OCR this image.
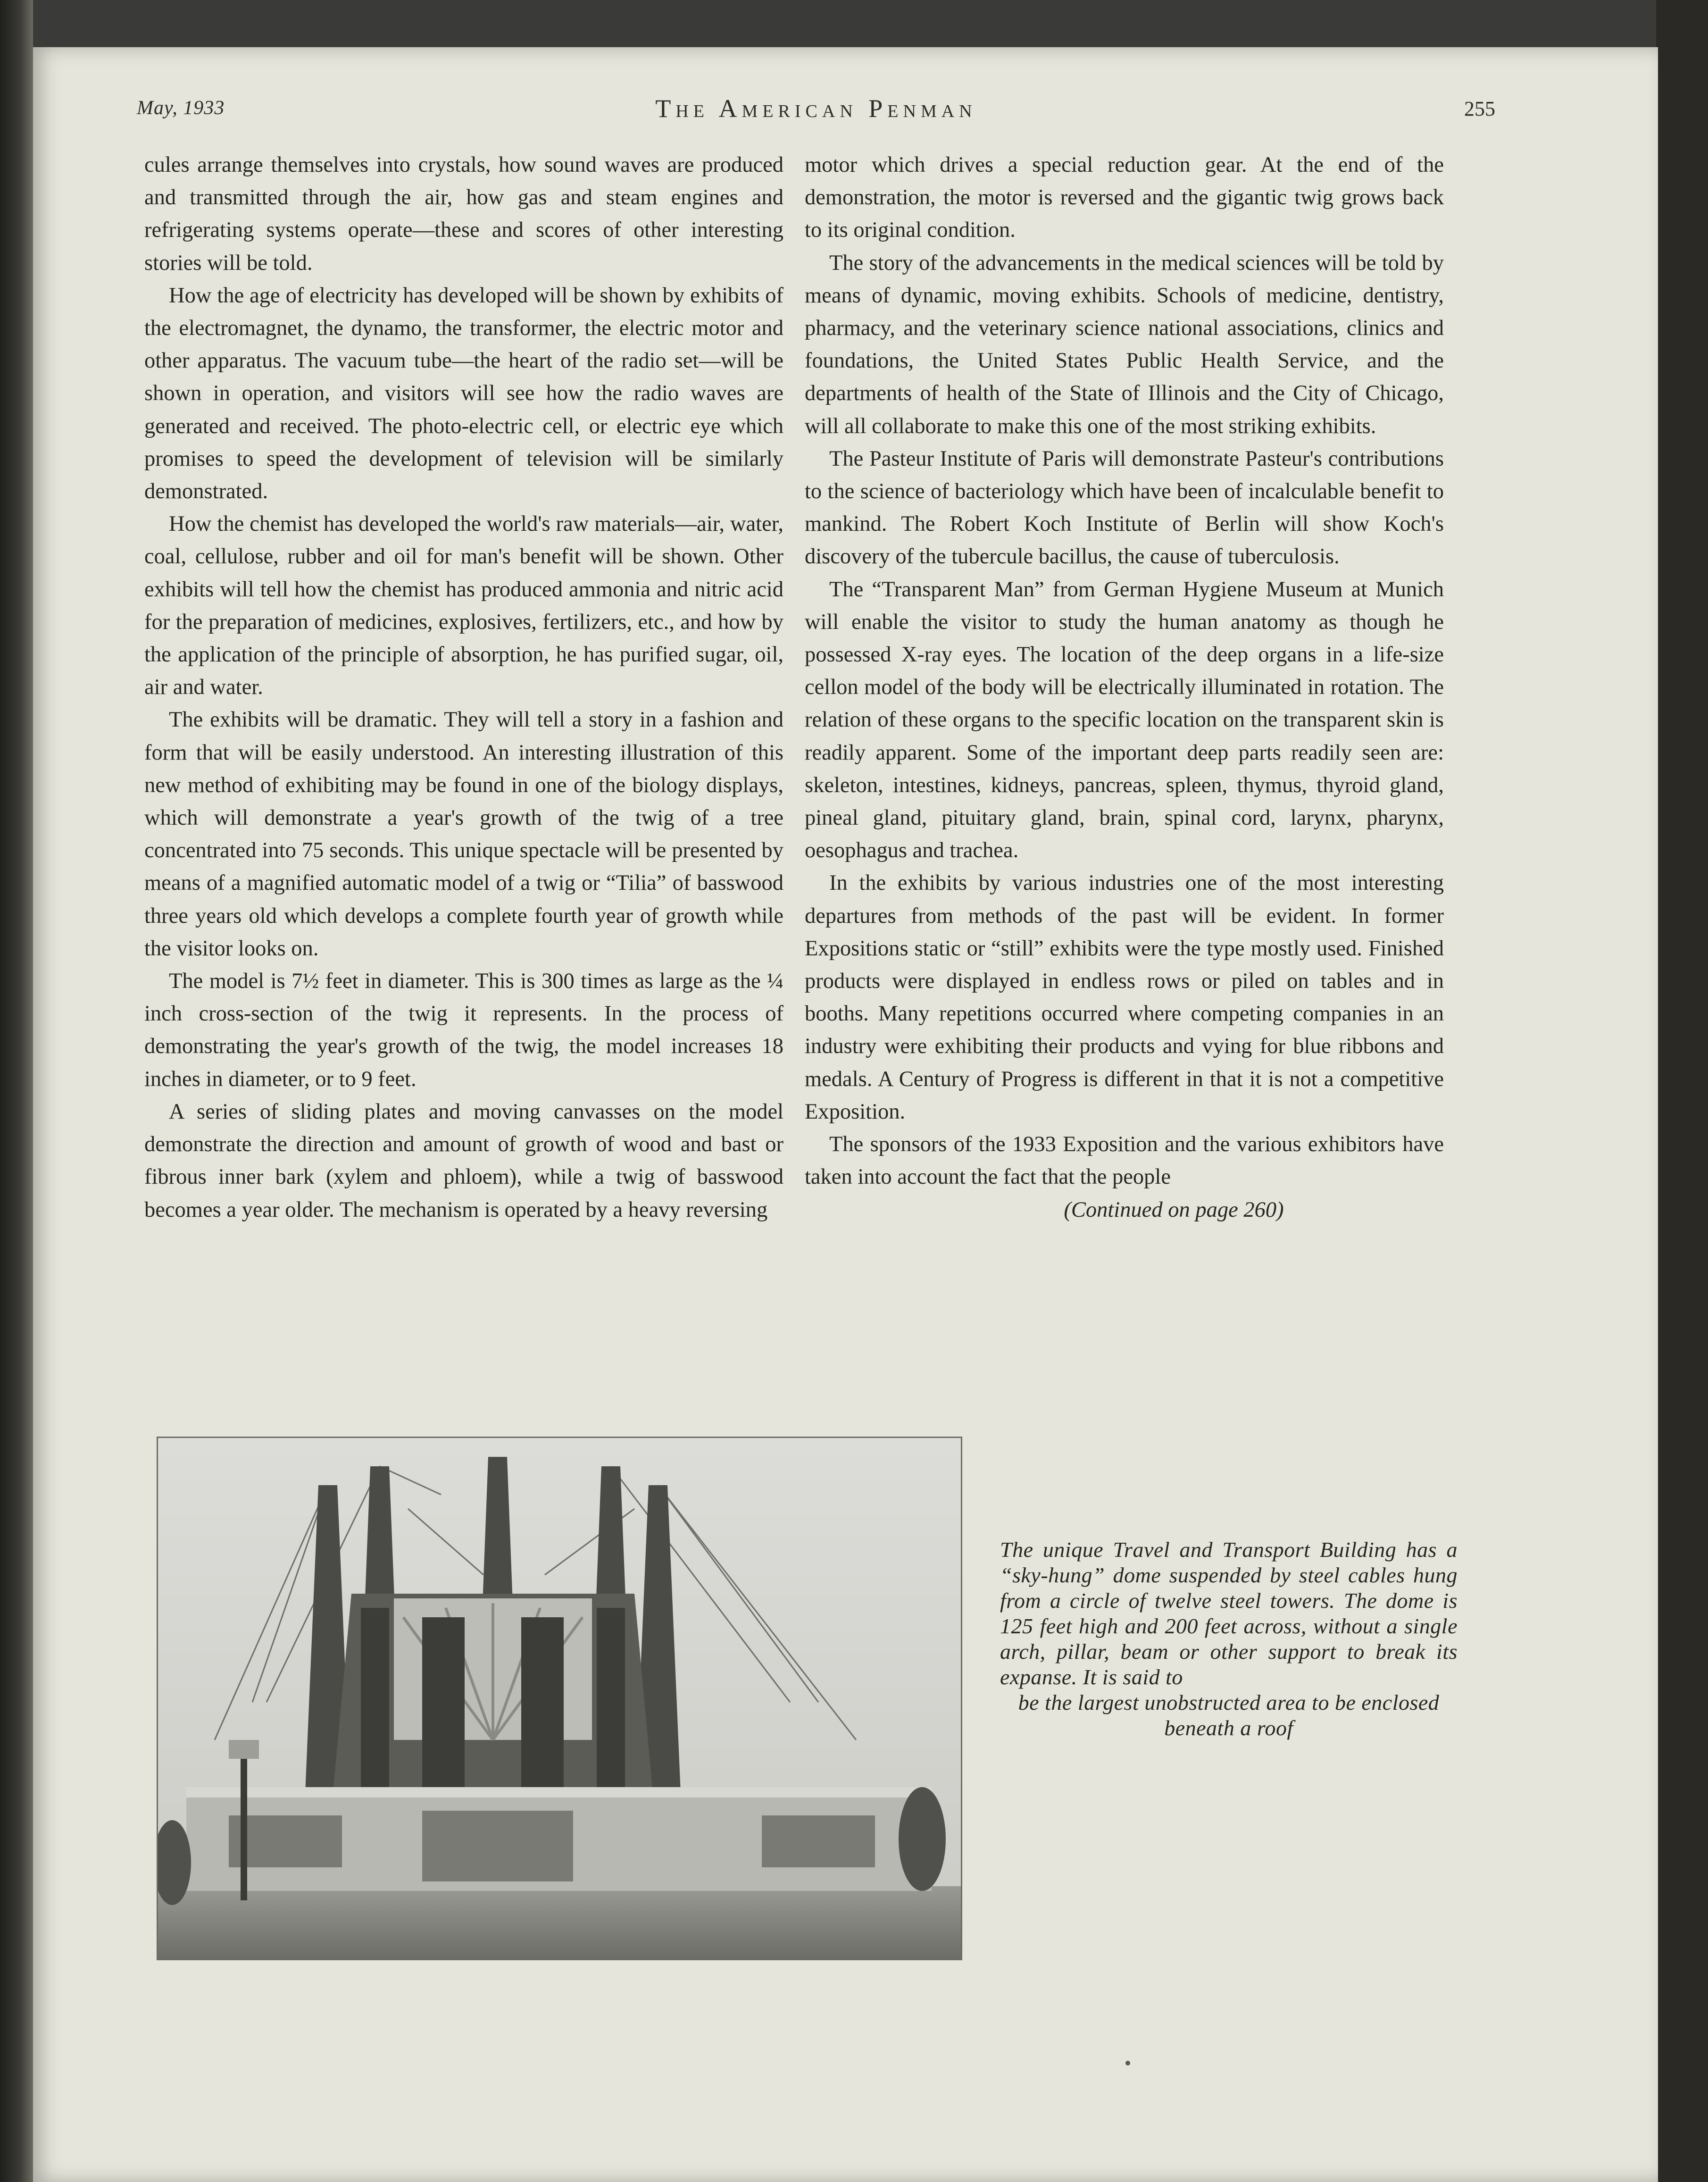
May, 1933	The American Penman	255

cules arrange themselves into crystals, how sound waves are produced and transmitted through the air, how gas and steam engines and refrigerating systems operate—these and scores of other interesting stories will be told.

How the age of electricity has developed will be shown by exhibits of the electromagnet, the dynamo, the transformer, the electric motor and other apparatus. The vacuum tube—the heart of the radio set—will be shown in operation, and visitors will see how the radio waves are generated and received. The photo-electric cell, or electric eye which promises to speed the development of television will be similarly demonstrated.

How the chemist has developed the world's raw materials—air, water, coal, cellulose, rubber and oil for man's benefit will be shown. Other exhibits will tell how the chemist has produced ammonia and nitric acid for the preparation of medicines, explosives, fertilizers, etc., and how by the application of the principle of absorption, he has purified sugar, oil, air and water.

The exhibits will be dramatic. They will tell a story in a fashion and form that will be easily understood. An interesting illustration of this new method of exhibiting may be found in one of the biology displays, which will demonstrate a year's growth of the twig of a tree concentrated into 75 seconds. This unique spectacle will be presented by means of a magnified automatic model of a twig or “Tilia” of basswood three years old which develops a complete fourth year of growth while the visitor looks on.

The model is 7½ feet in diameter. This is 300 times as large as the ¼ inch cross-section of the twig it represents. In the process of demonstrating the year's growth of the twig, the model increases 18 inches in diameter, or to 9 feet.

A series of sliding plates and moving canvasses on the model demonstrate the direction and amount of growth of wood and bast or fibrous inner bark (xylem and phloem), while a twig of basswood becomes a year older. The mechanism is operated by a heavy reversing

motor which drives a special reduction gear. At the end of the demonstration, the motor is reversed and the gigantic twig grows back to its original condition.

The story of the advancements in the medical sciences will be told by means of dynamic, moving exhibits. Schools of medicine, dentistry, pharmacy, and the veterinary science national associations, clinics and foundations, the United States Public Health Service, and the departments of health of the State of Illinois and the City of Chicago, will all collaborate to make this one of the most striking exhibits.

The Pasteur Institute of Paris will demonstrate Pasteur's contributions to the science of bacteriology which have been of incalculable benefit to mankind. The Robert Koch Institute of Berlin will show Koch's discovery of the tubercule bacillus, the cause of tuberculosis.

The “Transparent Man” from German Hygiene Museum at Munich will enable the visitor to study the human anatomy as though he possessed X-ray eyes. The location of the deep organs in a life-size cellon model of the body will be electrically illuminated in rotation. The relation of these organs to the specific location on the transparent skin is readily apparent. Some of the important deep parts readily seen are: skeleton, intestines, kidneys, pancreas, spleen, thymus, thyroid gland, pineal gland, pituitary gland, brain, spinal cord, larynx, pharynx, oesophagus and trachea.

In the exhibits by various industries one of the most interesting departures from methods of the past will be evident. In former Expositions static or “still” exhibits were the type mostly used. Finished products were displayed in endless rows or piled on tables and in booths. Many repetitions occurred where competing companies in an industry were exhibiting their products and vying for blue ribbons and medals. A Century of Progress is different in that it is not a competitive Exposition.

The sponsors of the 1933 Exposition and the various exhibitors have taken into account the fact that the people

(Continued on page 260)

The unique Travel and Transport Building has a “sky-hung” dome suspended by steel cables hung from a circle of twelve steel towers. The dome is 125 feet high and 200 feet across, without a single arch, pillar, beam or other support to break its expanse. It is said to
be the largest unobstructed area to be enclosed beneath a roof
